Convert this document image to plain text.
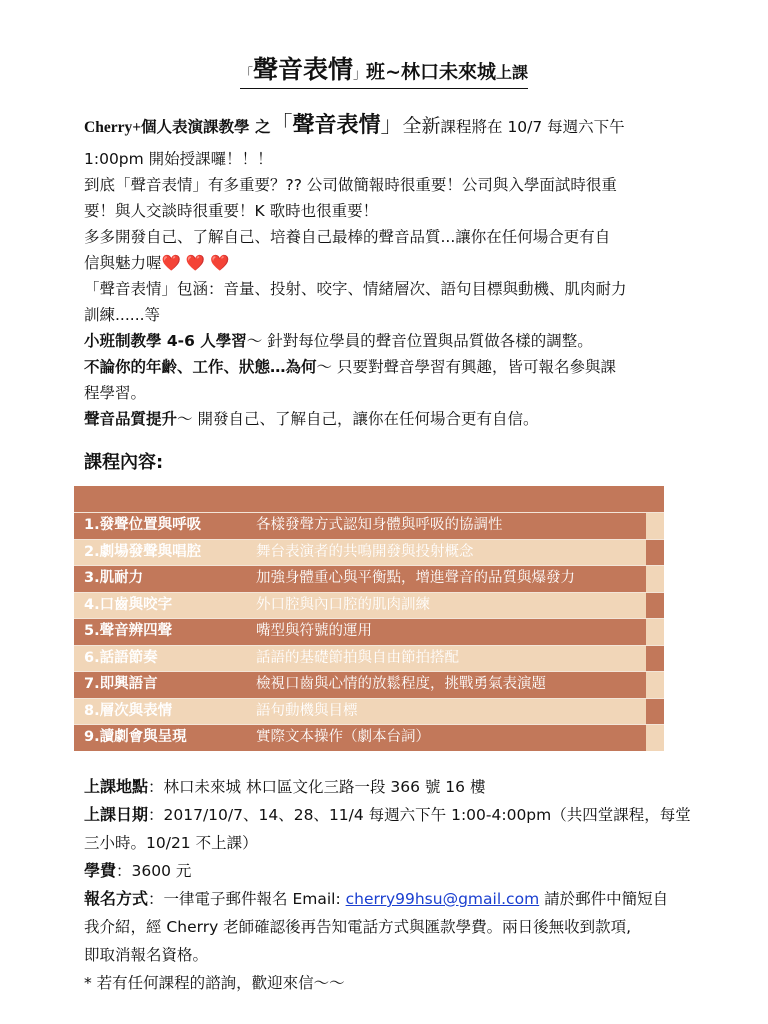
「聲音表情」班~林口未來城上課
Cherry+個人表演課教學 之「聲音表情」全新課程將在 10/7 每週六下午
1:00pm 開始授課囉！！！
到底「聲音表情」有多重要？?? 公司做簡報時很重要！公司與入學面試時很重
要！與人交談時很重要！K 歌時也很重要！
多多開發自己、了解自己、培養自己最棒的聲音品質...讓你在任何場合更有自
信與魅力喔❤️ ❤️ ❤️
「聲音表情」包涵：音量、投射、咬字、情緒層次、語句目標與動機、肌肉耐力
訓練......等
小班制教學 4-6 人學習～ 針對每位學員的聲音位置與品質做各樣的調整。
不論你的年齡、工作、狀態…為何～ 只要對聲音學習有興趣，皆可報名參與課
程學習。
聲音品質提升～ 開發自己、了解自己，讓你在任何場合更有自信。
課程內容:
1.發聲位置與呼吸	各樣發聲方式認知身體與呼吸的協調性
2.劇場發聲與唱腔	舞台表演者的共鳴開發與投射概念
3.肌耐力	加強身體重心與平衡點，增進聲音的品質與爆發力
4.口齒與咬字	外口腔與內口腔的肌肉訓練
5.聲音辨四聲	嘴型與符號的運用
6.話語節奏	話語的基礎節拍與自由節拍搭配
7.即興語言	檢視口齒與心情的放鬆程度，挑戰勇氣表演題
8.層次與表情	語句動機與目標
9.讀劇會與呈現	實際文本操作（劇本台詞）
上課地點：林口未來城 林口區文化三路一段 366 號 16 樓
上課日期：2017/10/7、14、28、11/4 每週六下午 1:00-4:00pm（共四堂課程，每堂
三小時。10/21 不上課）
學費：3600 元
報名方式：一律電子郵件報名 Email: cherry99hsu@gmail.com 請於郵件中簡短自
我介紹，經 Cherry 老師確認後再告知電話方式與匯款學費。兩日後無收到款項,
即取消報名資格。
* 若有任何課程的諮詢，歡迎來信～～
